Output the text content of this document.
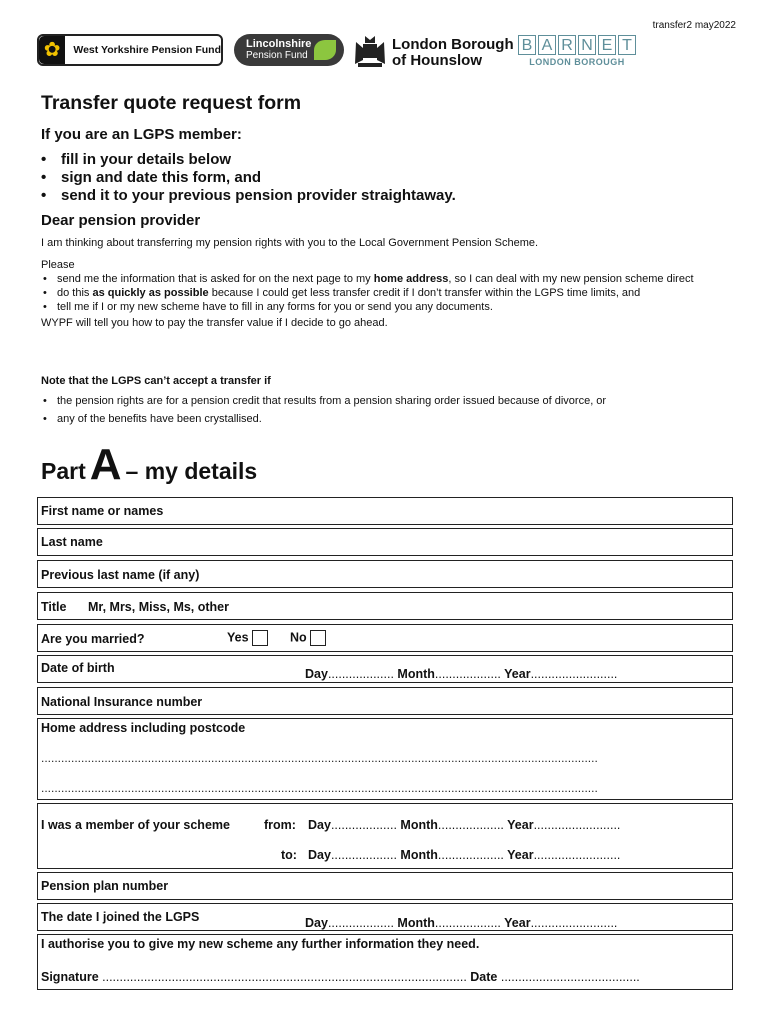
transfer2 may2022
✿ West Yorkshire Pension Fund Lincolnshire
Pension Fund
London Borough
of Hounslow
B A R N E T
LONDON BOROUGH
Transfer quote request form
If you are an LGPS member:
• fill in your details below
• sign and date this form, and
• send it to your previous pension provider straightaway.
Dear pension provider
I am thinking about transferring my pension rights with you to the Local Government Pension Scheme.
Please
• send me the information that is asked for on the next page to my home address, so I can deal with my new pension scheme direct
• do this as quickly as possible because I could get less transfer credit if I don’t transfer within the LGPS time limits, and
• tell me if I or my new scheme have to fill in any forms for you or send you any documents.
WYPF will tell you how to pay the transfer value if I decide to go ahead.
Note that the LGPS can’t accept a transfer if
• the pension rights are for a pension credit that results from a pension sharing order issued because of divorce, or
• any of the benefits have been crystallised.
PartA – my details
First name or names
Last name
Previous last name (if any)
Title Mr, Mrs, Miss, Ms, other
Are you married?	Yes	No
Date of birth	Day................... Month................... Year.........................
National Insurance number
Home address including postcode
.......................................................................................................................................................................
.......................................................................................................................................................................
I was a member of your scheme	from: Day................... Month................... Year.........................
to: Day................... Month................... Year.........................
Pension plan number
The date I joined the LGPS	Day................... Month................... Year.........................
I authorise you to give my new scheme any further information they need.
Signature ......................................................................................................... Date ........................................
